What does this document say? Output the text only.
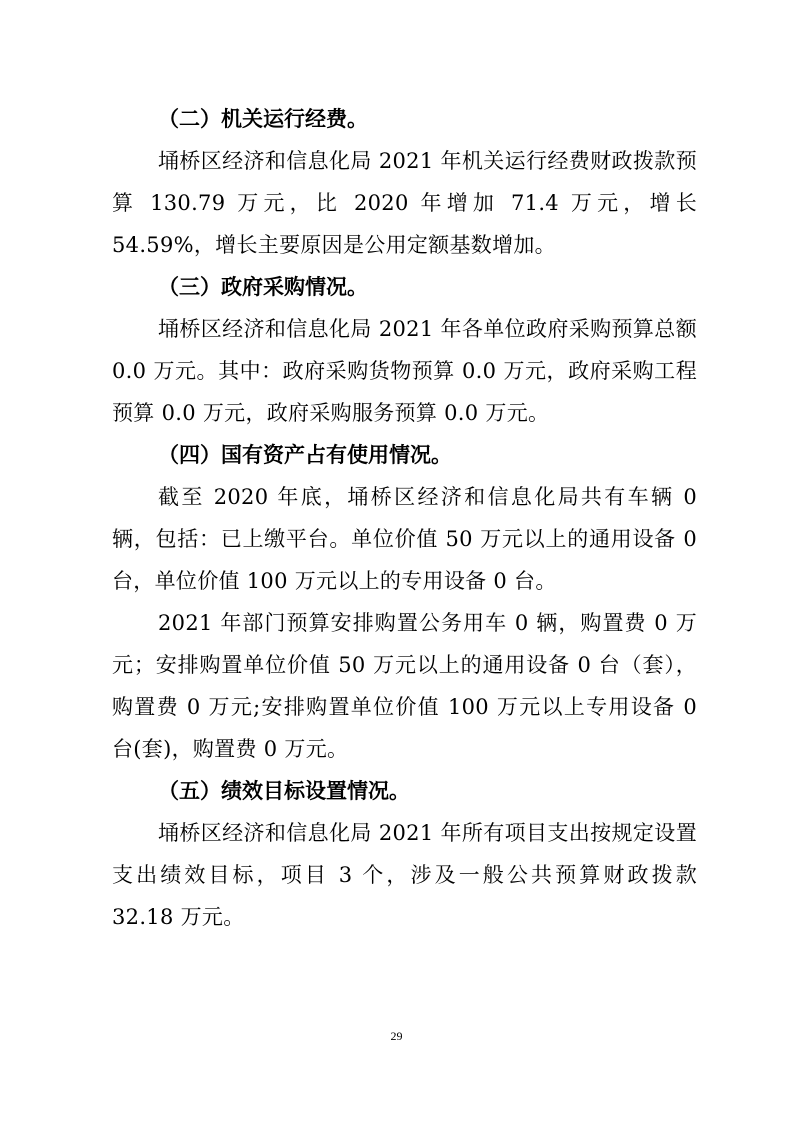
（二）机关运行经费。

埇桥区经济和信息化局 2021 年机关运行经费财政拨款预算 130.79 万元，比 2020 年增加 71.4 万元，增长 54.59%，增长主要原因是公用定额基数增加。

（三）政府采购情况。

埇桥区经济和信息化局 2021 年各单位政府采购预算总额 0.0 万元。其中：政府采购货物预算 0.0 万元，政府采购工程预算 0.0 万元，政府采购服务预算 0.0 万元。

（四）国有资产占有使用情况。

截至 2020 年底，埇桥区经济和信息化局共有车辆 0 辆，包括：已上缴平台。单位价值 50 万元以上的通用设备 0 台，单位价值 100 万元以上的专用设备 0 台。

2021 年部门预算安排购置公务用车 0 辆，购置费 0 万元；安排购置单位价值 50 万元以上的通用设备 0 台（套），购置费 0 万元;安排购置单位价值 100 万元以上专用设备 0 台(套)，购置费 0 万元。

（五）绩效目标设置情况。

埇桥区经济和信息化局 2021 年所有项目支出按规定设置支出绩效目标，项目 3 个，涉及一般公共预算财政拨款 32.18 万元。

29
